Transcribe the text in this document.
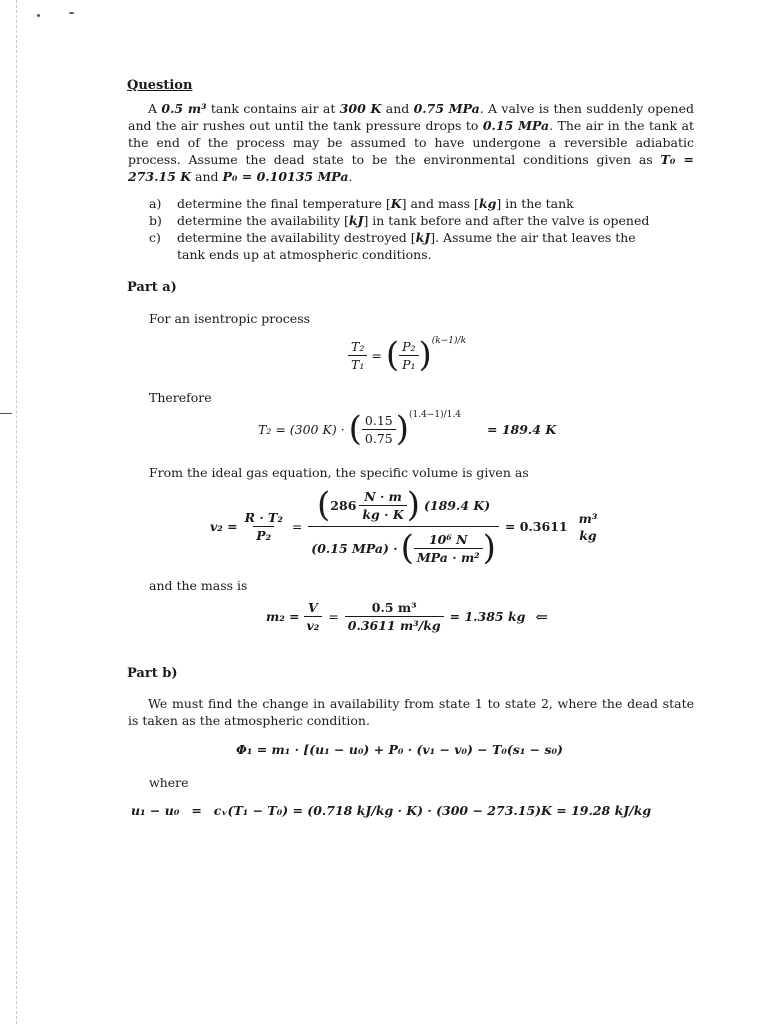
Question
A 0.5 m³ tank contains air at 300 K and 0.75 MPa. A valve is then suddenly opened and the air rushes out until the tank pressure drops to 0.15 MPa. The air in the tank at the end of the process may be assumed to have undergone a reversible adiabatic process. Assume the dead state to be the environmental conditions given as T₀ = 273.15 K and P₀ = 0.10135 MPa.
a) determine the final temperature [K] and mass [kg] in the tank
b) determine the availability [kJ] in tank before and after the valve is opened
c) determine the availability destroyed [kJ]. Assume the air that leaves the
tank ends up at atmospheric conditions.
Part a)
For an isentropic process
$\frac{\text{T₂}}{\text{T₁}}$ = ( $\frac{\text{P₂}}{\text{P₁}} )^{(k-1)/k}$
Therefore
T₂ = (300 K) · ( $\frac{0.15}{0.75} )^{(1.4-1)/1.4}$
= 189.4 K
From the ideal gas equation, the specific volume is given as
$v_2 = \frac{\text{R · T₂}}{\text{P₂}} = \frac{( 286 \frac{N \cdot m}{kg \cdot K} ) (189.4 K)}{(0.15 MPa) \cdot ( \frac{\text{10⁶ N}}{\text{MPa · m²}} )} = 0.3611$
m³
kg
and the mass is
$m_2 = \frac{V}{\text{v₂}} = \frac{\text{0.5 m³}}{\text{0.3611 m³/kg}} = 1.385$ kg ⇐
Part b)
We must find the change in availability from state 1 to state 2, where the dead state is taken as the atmospheric condition.
Φ₁ = m₁ · [(u₁ − u₀) + P₀ · (v₁ − v₀) − T₀(s₁ − s₀)
where
u₁ − u₀ = cᵥ(T₁ − T₀) = (0.718 kJ/kg · K) · (300 − 273.15)K = 19.28 kJ/kg
